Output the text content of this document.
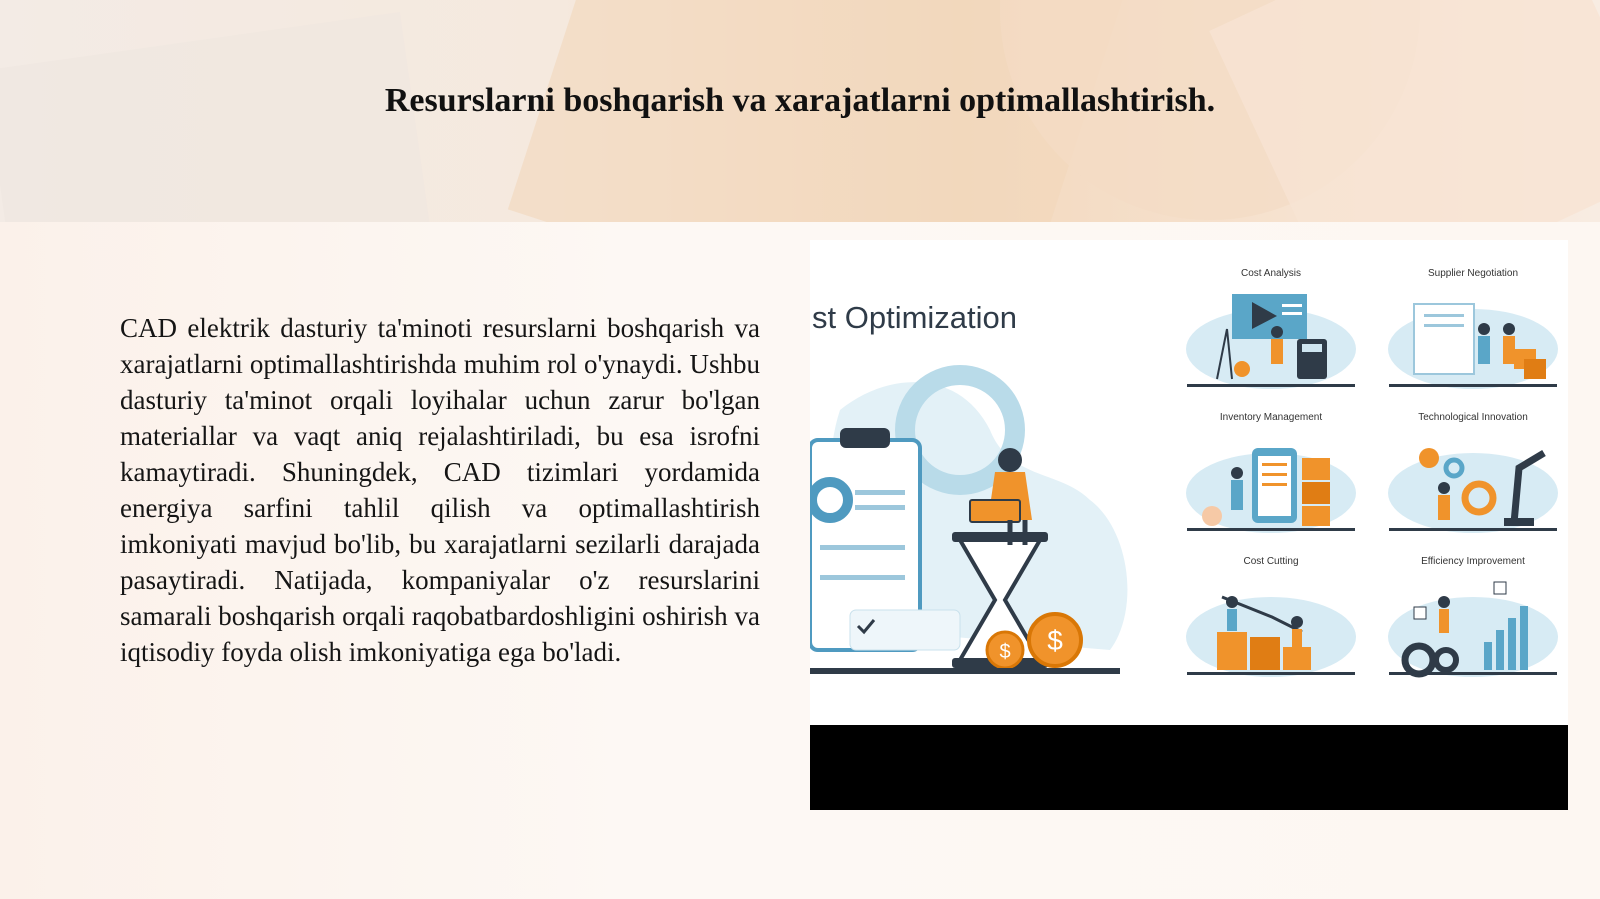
Resurslarni boshqarish va xarajatlarni optimallashtirish.

CAD elektrik dasturiy ta'minoti resurslarni boshqarish va xarajatlarni optimallashtirishda muhim rol o'ynaydi. Ushbu dasturiy ta'minot orqali loyihalar uchun zarur bo'lgan materiallar va vaqt aniq rejalashtiriladi, bu esa isrofni kamaytiradi. Shuningdek, CAD tizimlari yordamida energiya sarfini tahlil qilish va optimallashtirish imkoniyati mavjud bo'lib, bu xarajatlarni sezilarli darajada pasaytiradi. Natijada, kompaniyalar o'z resurslarini samarali boshqarish orqali raqobatbardoshligini oshirish va iqtisodiy foyda olish imkoniyatiga ega bo'ladi.

st Optimization
$
$
Cost Analysis	Supplier Negotiation
Inventory Management	Technological Innovation
Cost Cutting	Efficiency Improvement
